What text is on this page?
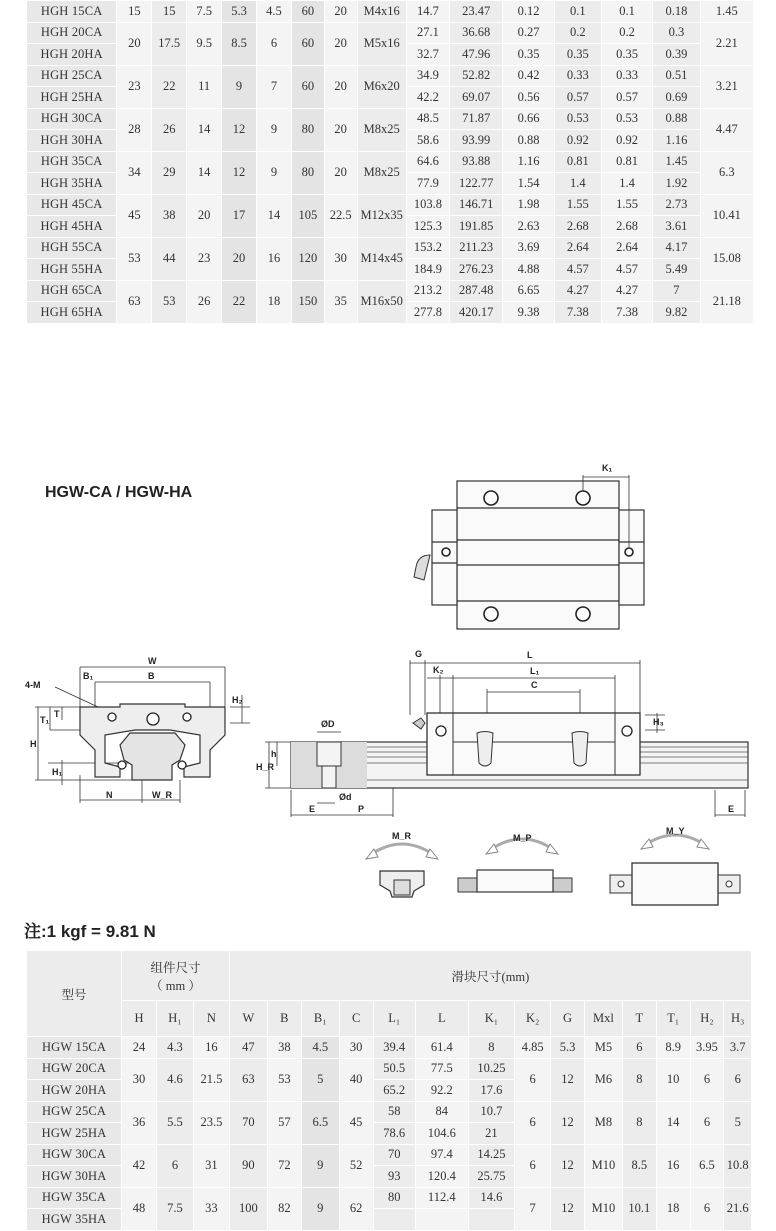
HGH 15CA	15	15	7.5	5.3	4.5	60	20	M4x16	14.7	23.47	0.12	0.1	0.1	0.18	1.45
HGH 20CA	20	17.5	9.5	8.5	6	60	20	M5x16	27.1	36.68	0.27	0.2	0.2	0.3	2.21
HGH 20HA									32.7	47.96	0.35	0.35	0.35	0.39	
HGH 25CA	23	22	11	9	7	60	20	M6x20	34.9	52.82	0.42	0.33	0.33	0.51	3.21
HGH 25HA									42.2	69.07	0.56	0.57	0.57	0.69	
HGH 30CA	28	26	14	12	9	80	20	M8x25	48.5	71.87	0.66	0.53	0.53	0.88	4.47
HGH 30HA									58.6	93.99	0.88	0.92	0.92	1.16	
HGH 35CA	34	29	14	12	9	80	20	M8x25	64.6	93.88	1.16	0.81	0.81	1.45	6.3
HGH 35HA									77.9	122.77	1.54	1.4	1.4	1.92	
HGH 45CA	45	38	20	17	14	105	22.5	M12x35	103.8	146.71	1.98	1.55	1.55	2.73	10.41
HGH 45HA									125.3	191.85	2.63	2.68	2.68	3.61	
HGH 55CA	53	44	23	20	16	120	30	M14x45	153.2	211.23	3.69	2.64	2.64	4.17	15.08
HGH 55HA									184.9	276.23	4.88	4.57	4.57	5.49	
HGH 65CA	63	53	26	22	18	150	35	M16x50	213.2	287.48	6.65	4.27	4.27	7	21.18
HGH 65HA									277.8	420.17	9.38	7.38	7.38	9.82	
HGW-CA / HGW-HA
K₁
W
B
B₁
4-M
H
T₁
T
H₁
H₂
N	W_R
G	L
L₁
K₂
C
H₃
ØD
Ød
h
H_R
E	P	E
M_R	M_P
M_Y
注:1 kgf = 9.81 N
型号	组件尺寸
（ mm ）			滑块尺寸(mm)													
	H	H₁	N	W	B	B₁	C	L₁	L	K₁	K₂	G	Mxl	T	T₁	H₂	H₃
HGW 15CA	24	4.3	16	47	38	4.5	30	39.4	61.4	8	4.85	5.3	M5	6	8.9	3.95	3.7
HGW 20CA	30	4.6	21.5	63	53	5	40	50.5	77.5	10.25	6	12	M6	8	10	6	6
HGW 20HA								65.2	92.2	17.6							
HGW 25CA	36	5.5	23.5	70	57	6.5	45	58	84	10.7	6	12	M8	8	14	6	5
HGW 25HA								78.6	104.6	21							
HGW 30CA	42	6	31	90	72	9	52	70	97.4	14.25	6	12	M10	8.5	16	6.5	10.8
HGW 30HA								93	120.4	25.75							
HGW 35CA	48	7.5	33	100	82	9	62	80	112.4	14.6	7	12	M10	10.1	18	6	21.6
HGW 35HA																	
